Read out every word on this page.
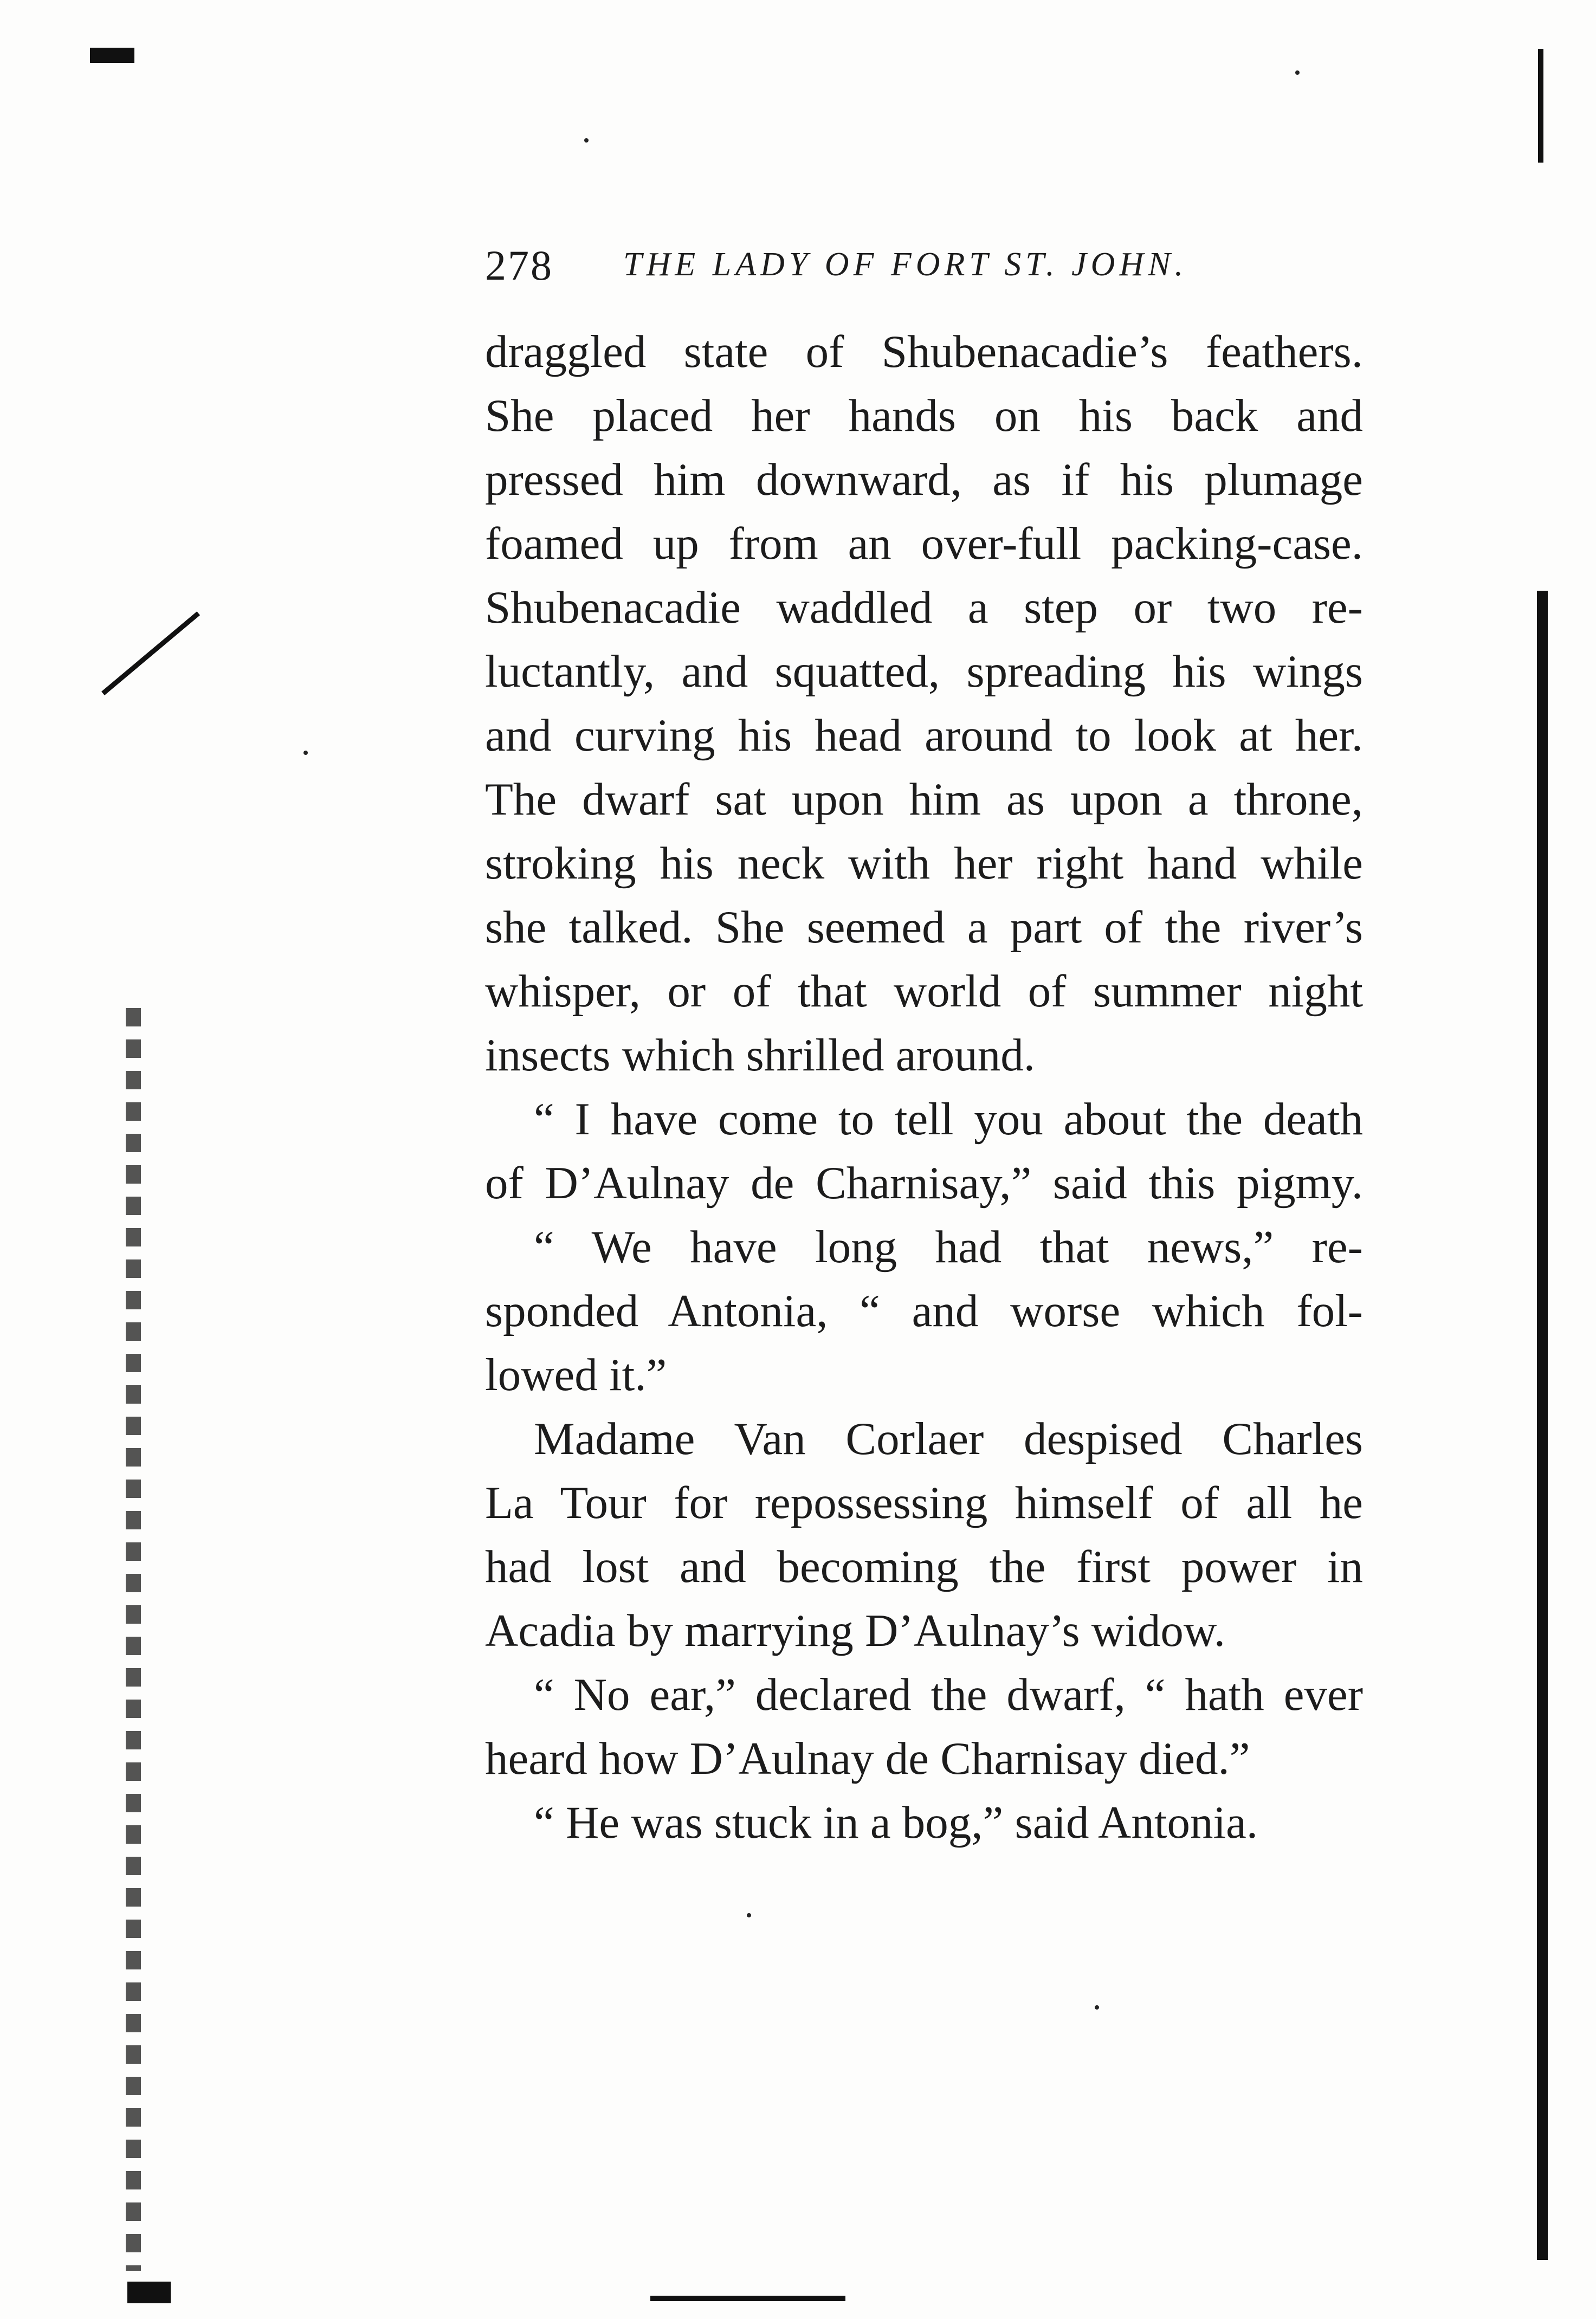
278 THE LADY OF FORT ST. JOHN.
draggled state of Shubenacadie’s feathers.
She placed her hands on his back and
pressed him downward, as if his plumage
foamed up from an over-full packing-case.
Shubenacadie waddled a step or two re-
luctantly, and squatted, spreading his wings
and curving his head around to look at her.
The dwarf sat upon him as upon a throne,
stroking his neck with her right hand while
she talked. She seemed a part of the river’s
whisper, or of that world of summer night
insects which shrilled around.
“ I have come to tell you about the death
of D’Aulnay de Charnisay,” said this pigmy.
“ We have long had that news,” re-
sponded Antonia, “ and worse which fol-
lowed it.”
Madame Van Corlaer despised Charles
La Tour for repossessing himself of all he
had lost and becoming the first power in
Acadia by marrying D’Aulnay’s widow.
“ No ear,” declared the dwarf, “ hath ever
heard how D’Aulnay de Charnisay died.”
“ He was stuck in a bog,” said Antonia.
